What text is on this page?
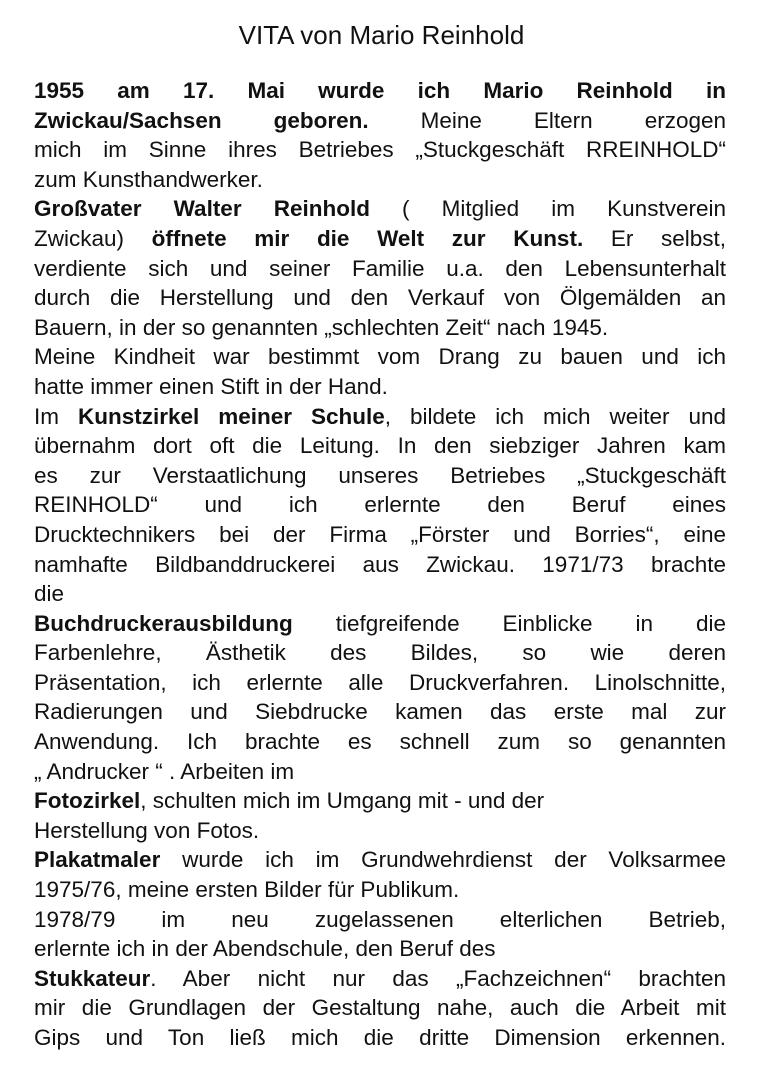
VITA von Mario Reinhold
1955 am 17. Mai wurde ich Mario Reinhold in
Zwickau/Sachsen geboren. Meine Eltern erzogen
mich im Sinne ihres Betriebes „Stuckgeschäft RREINHOLD“
zum Kunsthandwerker.
Großvater Walter Reinhold ( Mitglied im Kunstverein
Zwickau) öffnete mir die Welt zur Kunst. Er selbst,
verdiente sich und seiner Familie u.a. den Lebensunterhalt
durch die Herstellung und den Verkauf von Ölgemälden an
Bauern, in der so genannten „schlechten Zeit“ nach 1945.
Meine Kindheit war bestimmt vom Drang zu bauen und ich
hatte immer einen Stift in der Hand.
Im Kunstzirkel meiner Schule, bildete ich mich weiter und
übernahm dort oft die Leitung. In den siebziger Jahren kam
es zur Verstaatlichung unseres Betriebes „Stuckgeschäft
REINHOLD“ und ich erlernte den Beruf eines
Drucktechnikers bei der Firma „Förster und Borries“, eine
namhafte Bildbanddruckerei aus Zwickau. 1971/73 brachte
die
Buchdruckerausbildung tiefgreifende Einblicke in die
Farbenlehre, Ästhetik des Bildes, so wie deren
Präsentation, ich erlernte alle Druckverfahren. Linolschnitte,
Radierungen und Siebdrucke kamen das erste mal zur
Anwendung. Ich brachte es schnell zum so genannten
„ Andrucker “ . Arbeiten im
Fotozirkel, schulten mich im Umgang mit - und der
Herstellung von Fotos.
Plakatmaler wurde ich im Grundwehrdienst der Volksarmee
1975/76, meine ersten Bilder für Publikum.
1978/79 im neu zugelassenen elterlichen Betrieb,
erlernte ich in der Abendschule, den Beruf des
Stukkateur. Aber nicht nur das „Fachzeichnen“ brachten
mir die Grundlagen der Gestaltung nahe, auch die Arbeit mit
Gips und Ton ließ mich die dritte Dimension erkennen.
